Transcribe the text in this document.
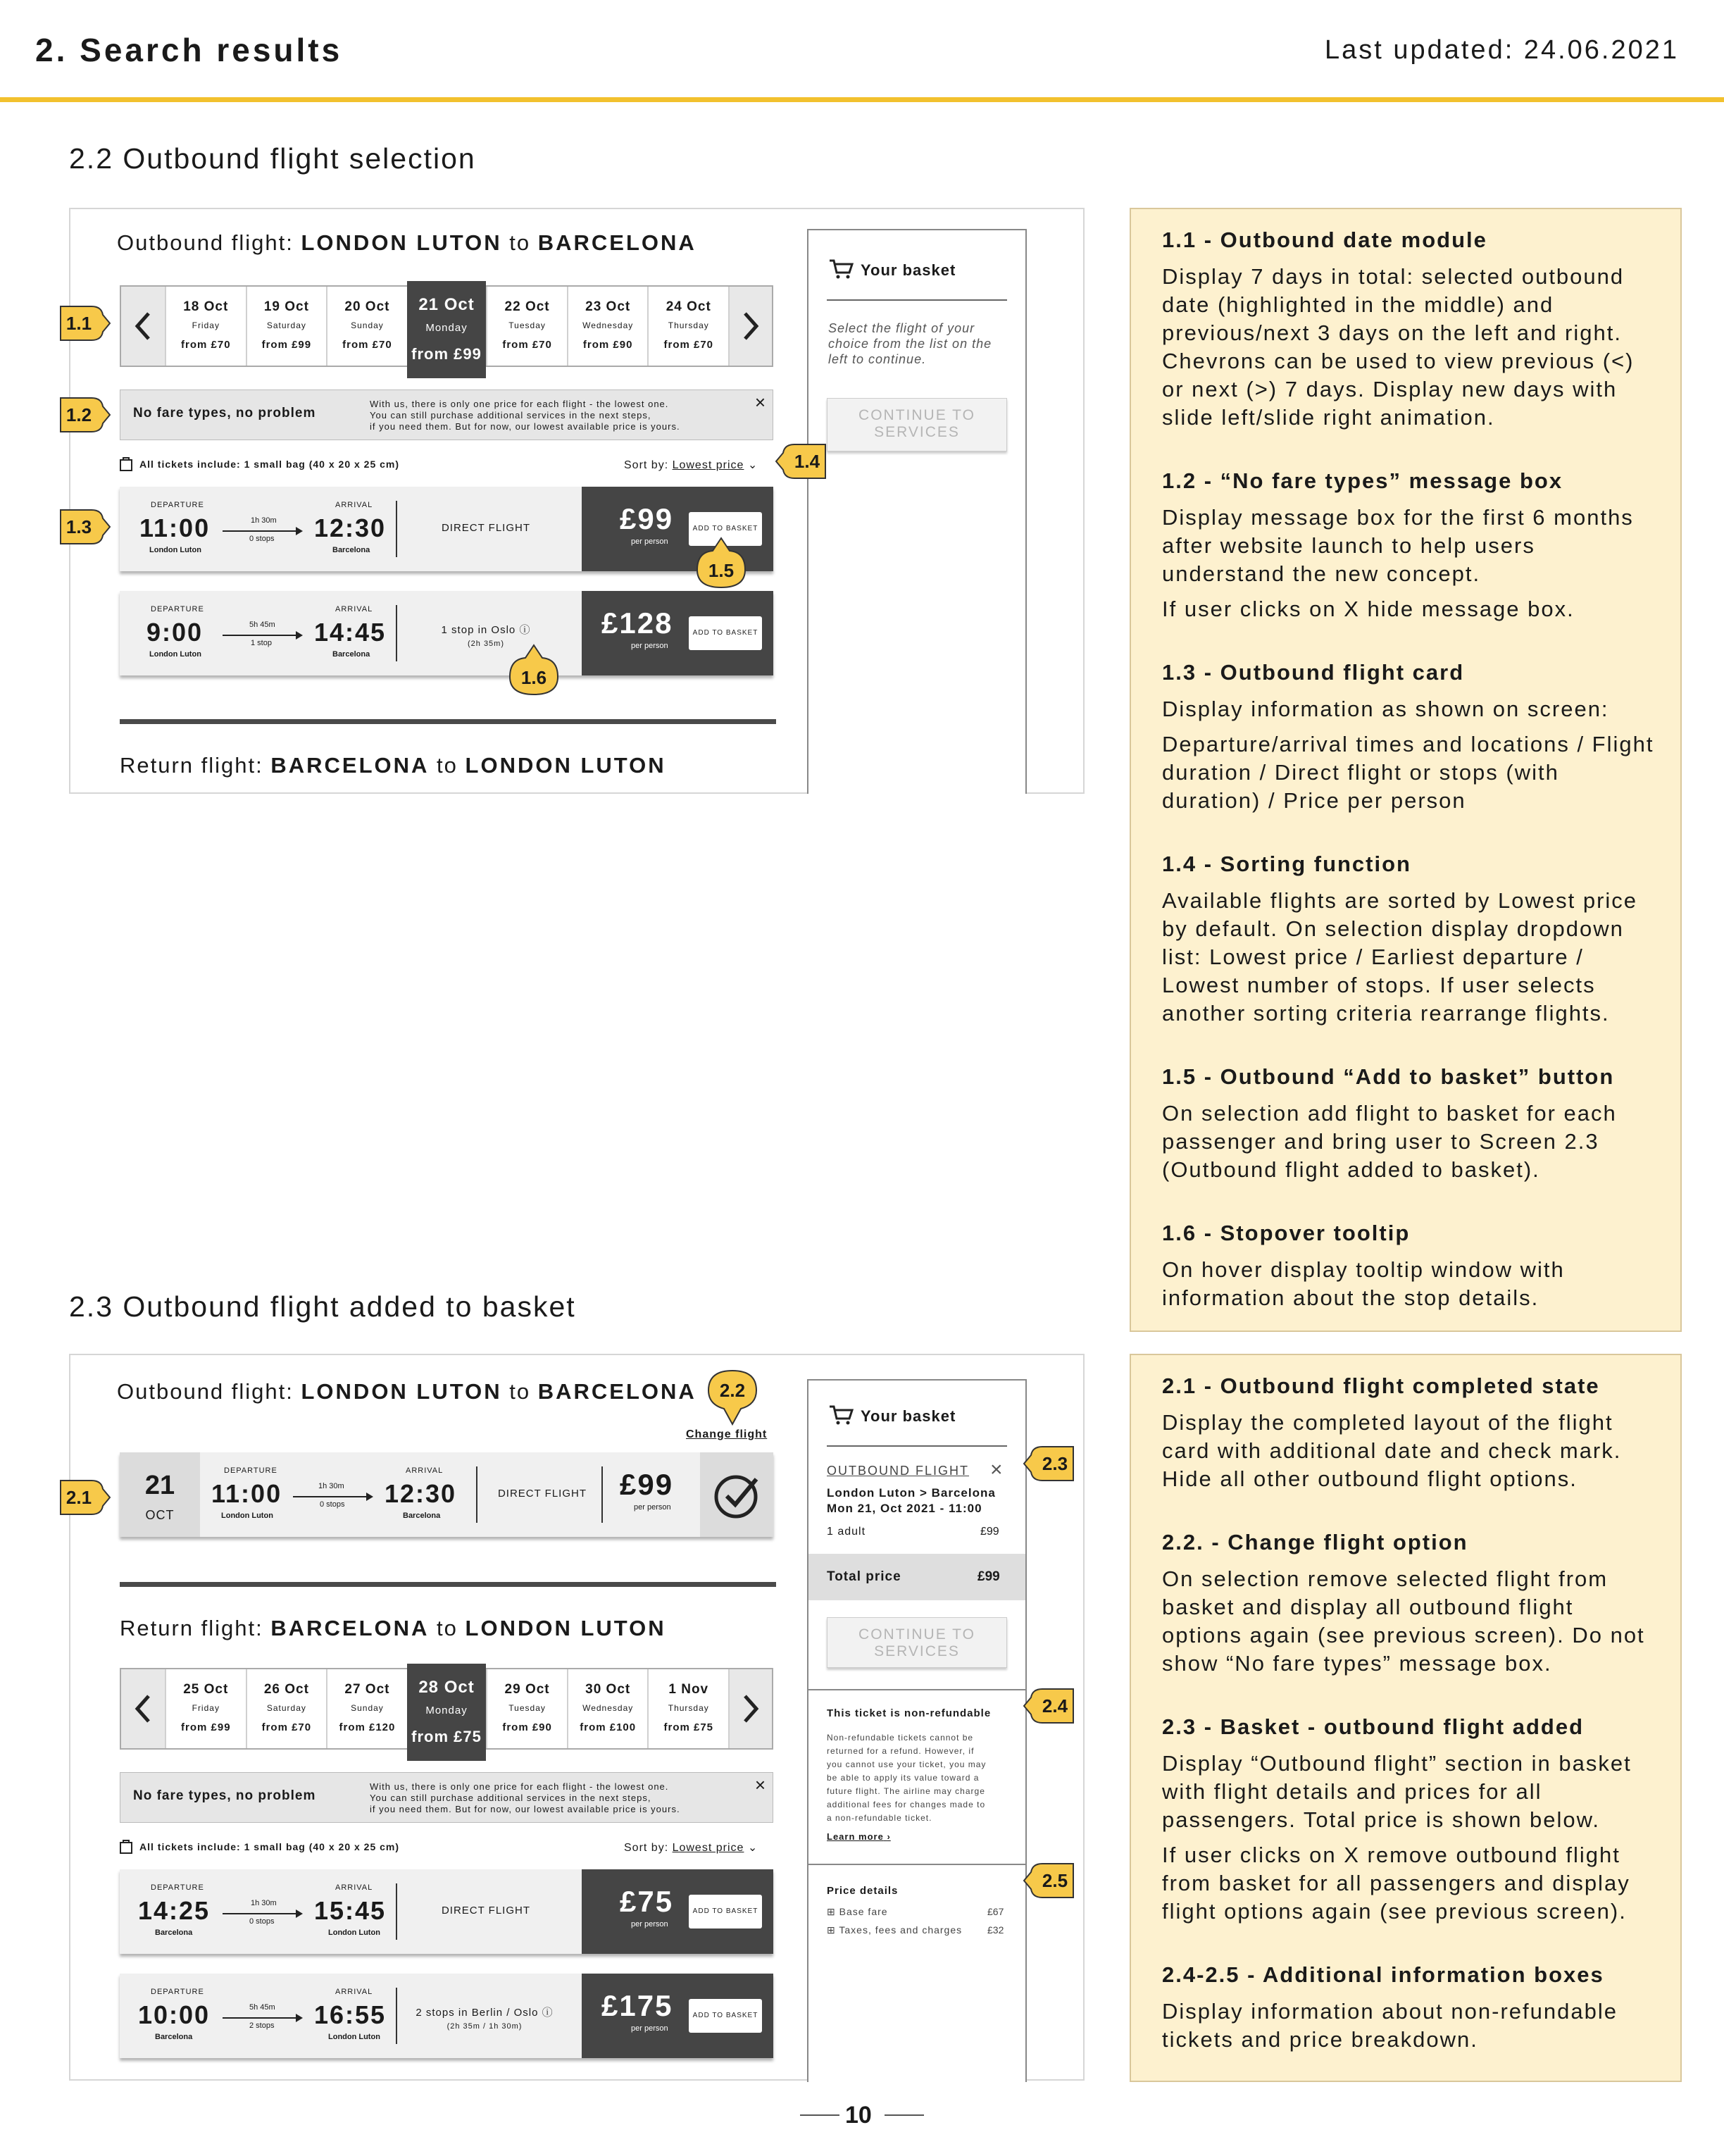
2. Search results	Last updated: 24.06.2021
2.2 Outbound flight selection
Outbound flight: LONDON LUTON to BARCELONA
18 Oct
Friday
from £70
19 Oct
Saturday
from £99
20 Oct
Sunday
from £70
21 Oct
Monday
from £99
22 Oct
Tuesday
from £70
23 Oct
Wednesday
from £90
24 Oct
Thursday
from £70
No fare types, no problem
With us, there is only one price for each flight - the lowest one.
You can still purchase additional services in the next steps,
if you need them. But for now, our lowest available price is yours.
×
All tickets include: 1 small bag (40 x 20 x 25 cm)	Sort by: Lowest price ⌄
DEPARTURE
11:00
London Luton
1h 30m
0 stops
ARRIVAL
12:30
Barcelona
DIRECT FLIGHT	£99
per person
ADD TO BASKET
DEPARTURE
9:00
London Luton
5h 45m
1 stop
ARRIVAL
14:45
Barcelona
1 stop in Oslo ⓘ
(2h 35m)
£128
per person
ADD TO BASKET
Return flight: BARCELONA to LONDON LUTON
Your basket
Select the flight of your choice from the list on the left to continue.
CONTINUE TO
SERVICES
1.1
1.2
1.3
1.4
1.5
1.6
1.1 - Outbound date module
Display 7 days in total: selected outbound date (highlighted in the middle) and previous/next 3 days on the left and right. Chevrons can be used to view previous (<) or next (>) 7 days. Display new days with slide left/slide right animation.
1.2 - “No fare types” message box
Display message box for the first 6 months after website launch to help users understand the new concept.
If user clicks on X hide message box.
1.3 - Outbound flight card
Display information as shown on screen:
Departure/arrival times and locations / Flight duration / Direct flight or stops (with duration) / Price per person
1.4 - Sorting function
Available flights are sorted by Lowest price by default. On selection display dropdown list: Lowest price / Earliest departure / Lowest number of stops. If user selects another sorting criteria rearrange flights.
1.5 - Outbound “Add to basket” button
On selection add flight to basket for each passenger and bring user to Screen 2.3 (Outbound flight added to basket).
1.6 - Stopover tooltip
On hover display tooltip window with information about the stop details.
2.3 Outbound flight added to basket
Outbound flight: LONDON LUTON to BARCELONA
Change flight
21
OCT
DEPARTURE
11:00
London Luton
1h 30m
0 stops
ARRIVAL
12:30
Barcelona
DIRECT FLIGHT	£99
per person
Return flight: BARCELONA to LONDON LUTON
25 Oct
Friday
from £99
26 Oct
Saturday
from £70
27 Oct
Sunday
from £120
28 Oct
Monday
from £75
29 Oct
Tuesday
from £90
30 Oct
Wednesday
from £100
1 Nov
Thursday
from £75
No fare types, no problem
With us, there is only one price for each flight - the lowest one.
You can still purchase additional services in the next steps,
if you need them. But for now, our lowest available price is yours.
×
All tickets include: 1 small bag (40 x 20 x 25 cm)	Sort by: Lowest price ⌄
DEPARTURE
14:25
Barcelona
1h 30m
0 stops
ARRIVAL
15:45
London Luton
DIRECT FLIGHT	£75
per person
ADD TO BASKET
DEPARTURE
10:00
Barcelona
5h 45m
2 stops
ARRIVAL
16:55
London Luton
2 stops in Berlin / Oslo ⓘ
(2h 35m / 1h 30m)
£175
per person
ADD TO BASKET
Your basket
OUTBOUND FLIGHT ×
London Luton > Barcelona
Mon 21, Oct 2021 - 11:00
1 adult	£99
Total price	£99
CONTINUE TO
SERVICES
This ticket is non-refundable
Non-refundable tickets cannot be
returned for a refund. However, if
you cannot use your ticket, you may
be able to apply its value toward a
future flight. The airline may charge
additional fees for changes made to
a non-refundable ticket.
Learn more ›
Price details
⊞ Base fare	£67
⊞ Taxes, fees and charges	£32
2.1
2.2
2.3
2.4
2.5
2.1 - Outbound flight completed state
Display the completed layout of the flight card with additional date and check mark. Hide all other outbound flight options.
2.2. - Change flight option
On selection remove selected flight from basket and display all outbound flight options again (see previous screen). Do not show “No fare types” message box.
2.3 - Basket - outbound flight added
Display “Outbound flight” section in basket with flight details and prices for all passengers. Total price is shown below.
If user clicks on X remove outbound flight from basket for all passengers and display flight options again (see previous screen).
2.4-2.5 - Additional information boxes
Display information about non-refundable tickets and price breakdown.
10
